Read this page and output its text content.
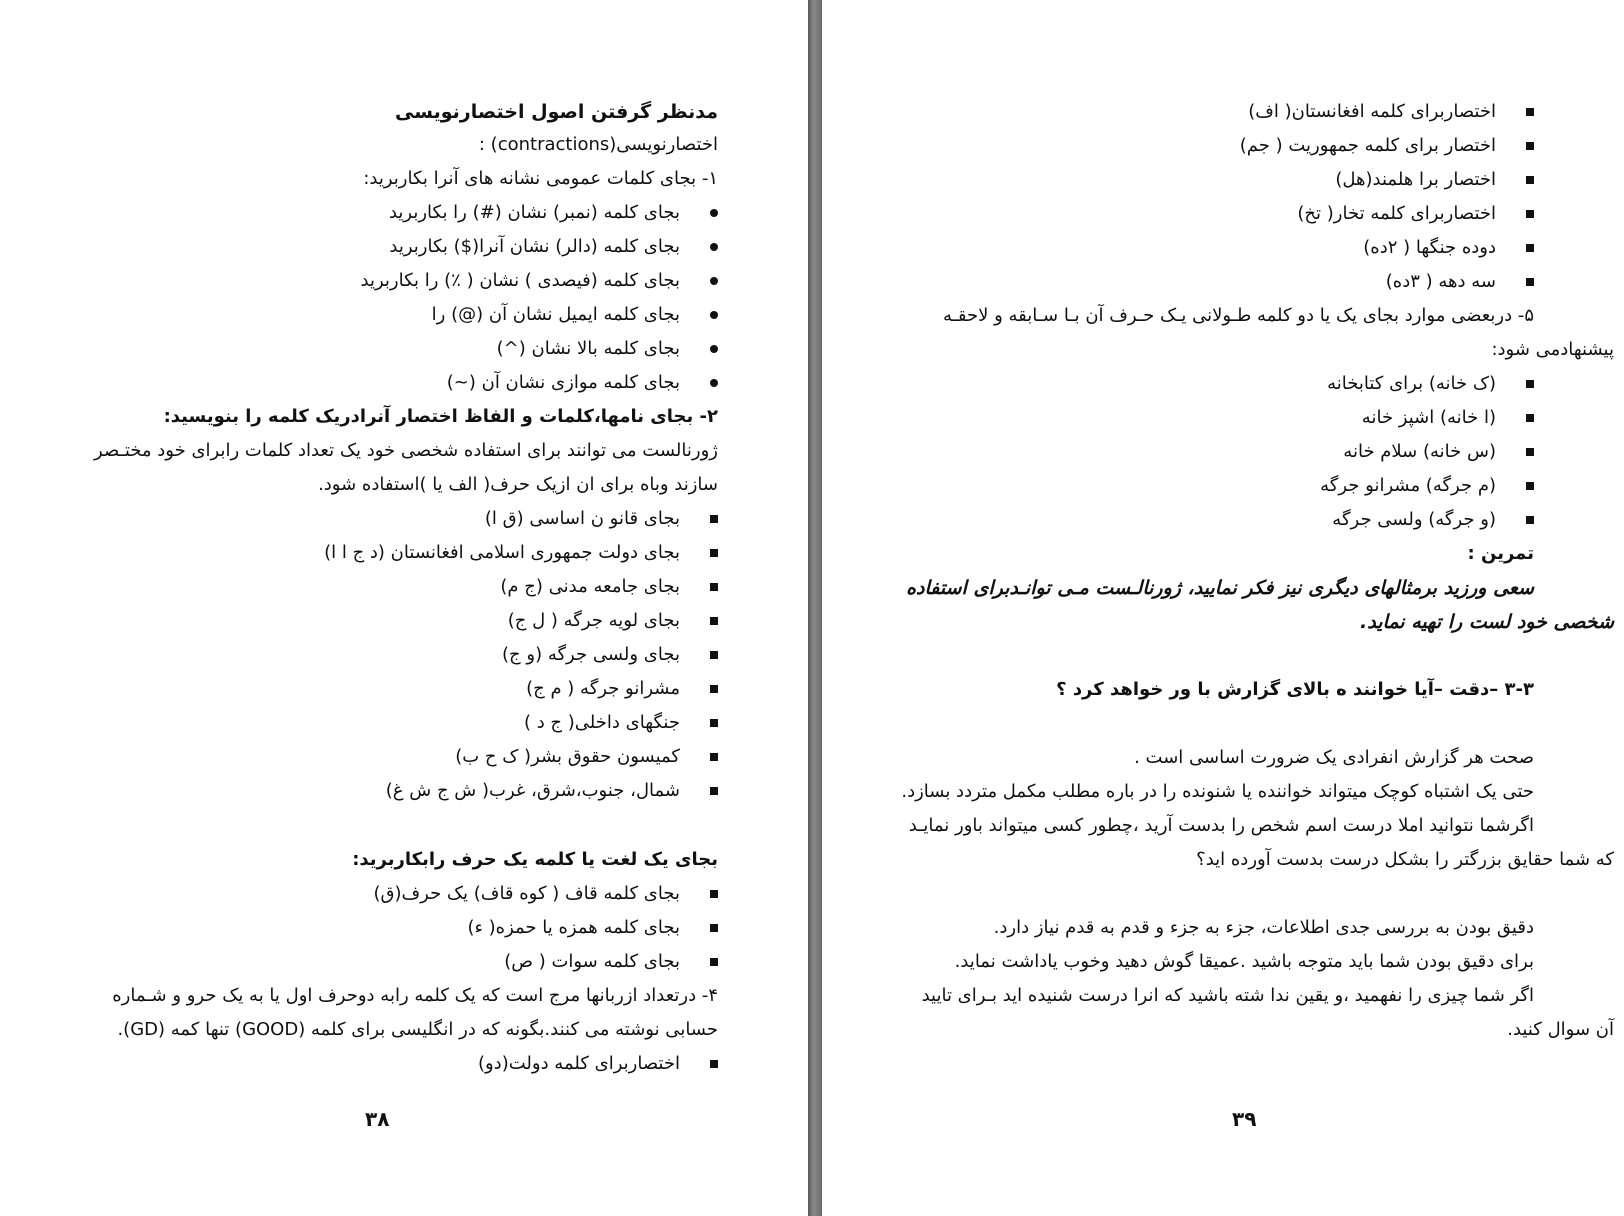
مدنظر گرفتن اصول اختصارنویسی

اختصارنویسی(contractions) :

۱- بجای کلمات عمومی نشانه های آنرا بکاربرید:

بجای کلمه (نمبر) نشان (#) را بکاربرید

بجای کلمه (دالر) نشان آنرا($) بکاربرید

بجای کلمه (فیصدی ) نشان ( ٪) را بکاربرید

بجای کلمه ایمیل نشان آن (@) را

بجای کلمه بالا نشان (^)

بجای کلمه موازی نشان آن (~)

۲- بجای نامها،کلمات و الفاظ اختصار آنرادریک کلمه را بنویسید:

ژورنالست می توانند برای استفاده شخصی خود یک تعداد کلمات رابرای خود مختـصر

سازند وباه برای ان ازیک حرف( الف یا )استفاده شود.

بجای قانو ن اساسی (ق ا)

بجای دولت جمهوری اسلامی افغانستان (د ج ا ا)

بجای جامعه مدنی (ج م)

بجای لویه جرگه ( ل ج)

بجای ولسی جرگه (و ج)

مشرانو جرگه ( م ج)

جنگهای داخلی( ج د )

کمیسون حقوق بشر( ک ح ب)

شمال، جنوب،شرق، غرب( ش ج ش غ)

بجای یک لغت یا کلمه یک حرف رابکاربرید:

بجای کلمه قاف ( کوه قاف) یک حرف(ق)

بجای کلمه همزه یا حمزه( ء)

بجای کلمه سوات ( ص)

۴- درتعداد ازربانها مرج است که یک کلمه رابه دوحرف اول یا به یک حرو و شـماره

حسابی نوشته می کنند.بگونه که در انگلیسی برای کلمه (GOOD) تنها کمه (GD).

اختصاربرای کلمه دولت(دو)

۳۸

اختصاربرای کلمه افغانستان( اف)

اختصار برای کلمه جمهوریت ( جم)

اختصار برا هلمند(هل)

اختصاربرای کلمه تخار( تخ)

دوده جنگها ( ۲ده)

سه دهه ( ۳ده)

۵- دربعضی موارد بجای یک یا دو کلمه طـولانی یـک حـرف آن بـا سـابقه و لاحقـه

پیشنهادمی شود:

(ک خانه) برای کتابخانه

(ا خانه) اشپز خانه

(س خانه) سلام خانه

(م جرگه) مشرانو جرگه

(و جرگه) ولسی جرگه

تمرین :

سعی ورزید برمثالهای دیگری نیز فکر نمایید، ژورنالـست مـی توانـدبرای استفاده

شخصی خود لست را تهیه نماید.

۳-۳ –دقت –آیا خوانند ه بالای گزارش با ور خواهد کرد ؟

صحت هر گزارش انفرادی یک ضرورت اساسی است .

حتی یک اشتباه کوچک میتواند خواننده یا شنونده را در باره مطلب مکمل متردد بسازد.

اگرشما نتوانید املا درست اسم شخص را بدست آرید ،چطور کسی میتواند باور نمایـد

که شما حقایق بزرگتر را بشکل درست بدست آورده اید؟

دقیق بودن به بررسی جدی اطلاعات، جزء به جزء و قدم به قدم نیاز دارد.

برای دقیق بودن شما باید متوجه باشید .عمیقا گوش دهید وخوب یاداشت نماید.

اگر شما چیزی را نفهمید ،و یقین ندا شته باشید که انرا درست شنیده اید بـرای تایید

آن سوال کنید.

۳۹
